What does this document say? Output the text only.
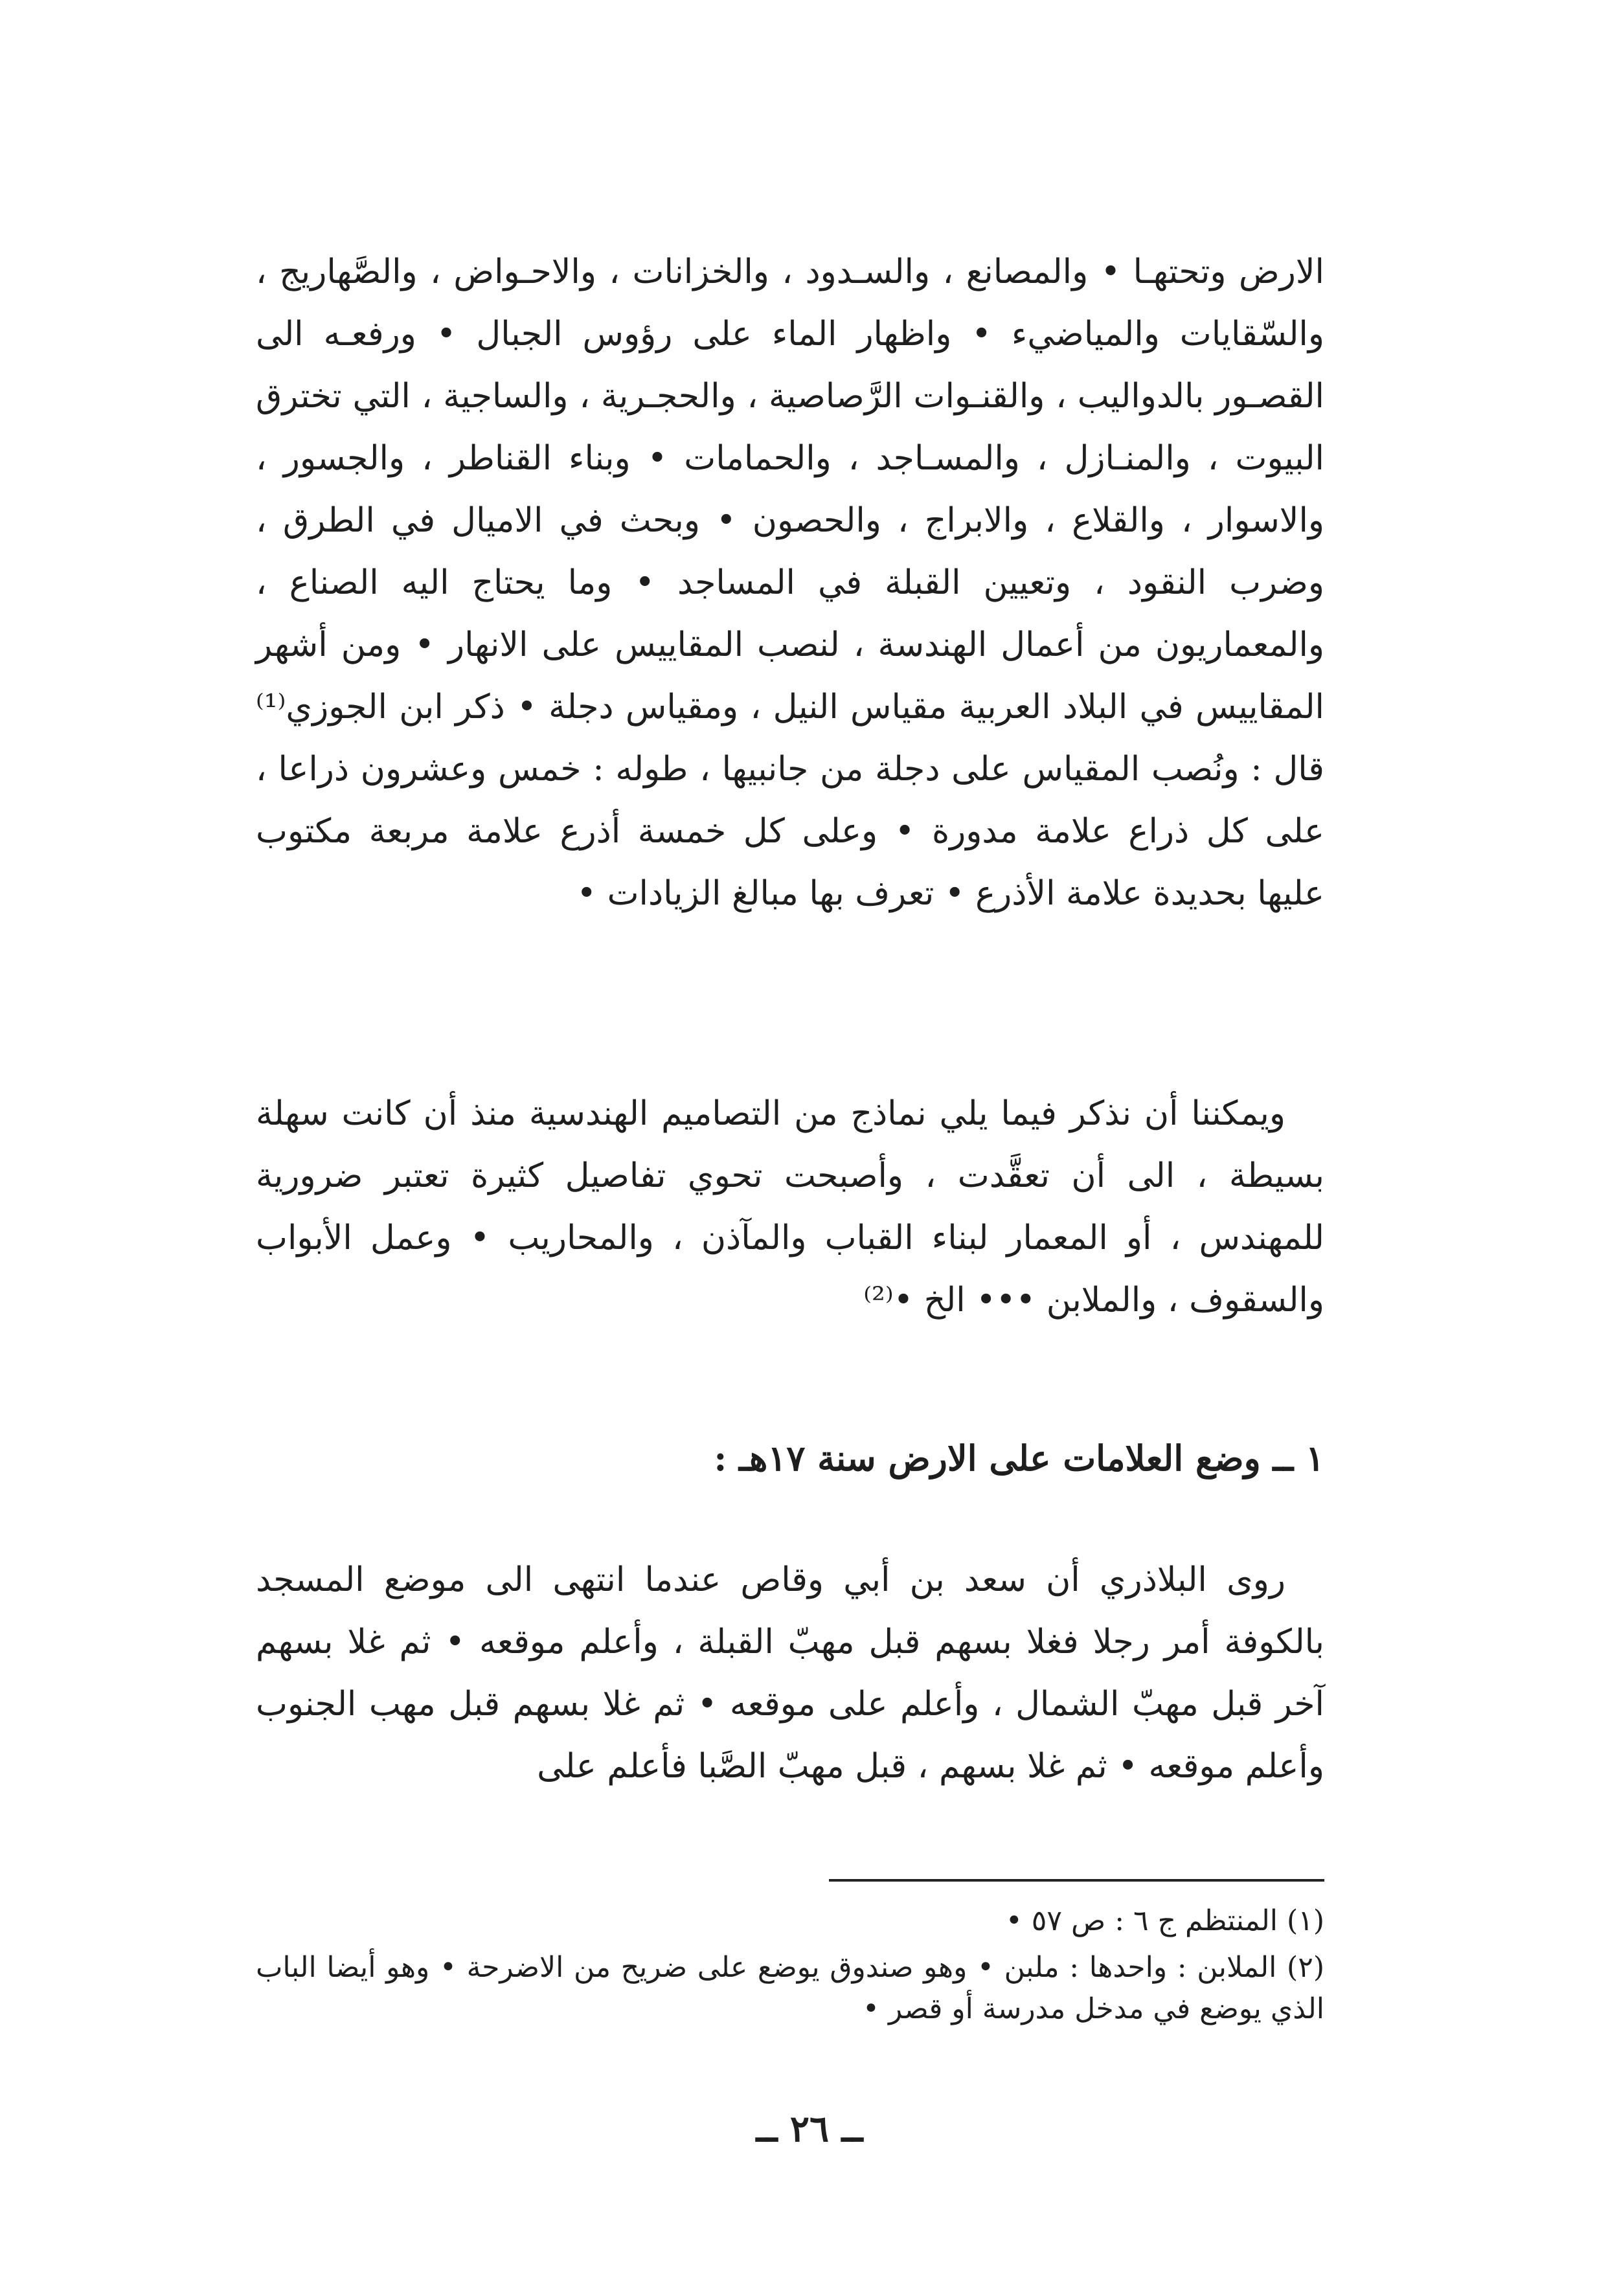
الارض وتحتهـا • والمصانع ، والسـدود ، والخزانات ، والاحـواض ، والصَّهاريج ، والسّقايات والمياضيء • واظهار الماء على رؤوس الجبال • ورفعـه الى القصـور بالدواليب ، والقنـوات الرَّصاصية ، والحجـرية ، والساجية ، التي تخترق البيوت ، والمنـازل ، والمسـاجد ، والحمامات • وبناء القناطر ، والجسور ، والاسوار ، والقلاع ، والابراج ، والحصون • وبحث في الاميال في الطرق ، وضرب النقود ، وتعيين القبلة في المساجد • وما يحتاج اليه الصناع ، والمعماريون من أعمال الهندسة ، لنصب المقاييس على الانهار • ومن أشهر المقاييس في البلاد العربية مقياس النيل ، ومقياس دجلة • ذكر ابن الجوزي⁽¹⁾ قال : ونُصب المقياس على دجلة من جانبيها ، طوله : خمس وعشرون ذراعا ، على كل ذراع علامة مدورة • وعلى كل خمسة أذرع علامة مربعة مكتوب عليها بحديدة علامة الأذرع • تعرف بها مبالغ الزيادات •

ويمكننا أن نذكر فيما يلي نماذج من التصاميم الهندسية منذ أن كانت سهلة بسيطة ، الى أن تعقَّدت ، وأصبحت تحوي تفاصيل كثيرة تعتبر ضرورية للمهندس ، أو المعمار لبناء القباب والمآذن ، والمحاريب • وعمل الأبواب والسقوف ، والملابن ••• الخ •⁽²⁾

١ ــ وضع العلامات على الارض سنة ١٧هـ :

روى البلاذري أن سعد بن أبي وقاص عندما انتهى الى موضع المسجد بالكوفة أمر رجلا فغلا بسهم قبل مهبّ القبلة ، وأعلم موقعه • ثم غلا بسهم آخر قبل مهبّ الشمال ، وأعلم على موقعه • ثم غلا بسهم قبل مهب الجنوب وأعلم موقعه • ثم غلا بسهم ، قبل مهبّ الصَّبا فأعلم على

(١) المنتظم ج ٦ : ص ٥٧ •
(٢) الملابن : واحدها : ملبن • وهو صندوق يوضع على ضريح من الاضرحة • وهو أيضا الباب الذي يوضع في مدخل مدرسة أو قصر •
ــ ٢٦ ــ
